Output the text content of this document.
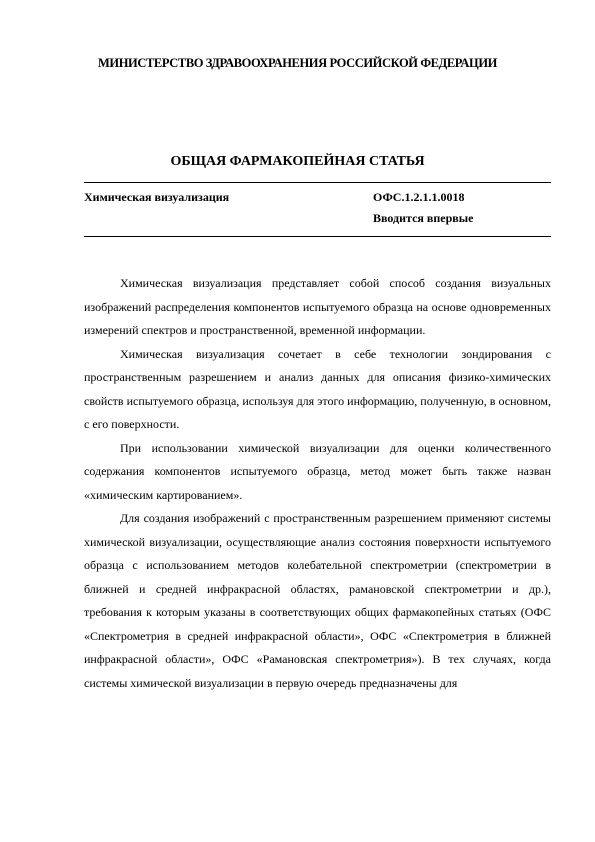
МИНИСТЕРСТВО ЗДРАВООХРАНЕНИЯ РОССИЙСКОЙ ФЕДЕРАЦИИ
ОБЩАЯ ФАРМАКОПЕЙНАЯ СТАТЬЯ
Химическая визуализация	ОФС.1.2.1.1.0018
Вводится впервые

Химическая визуализация представляет собой способ создания визуальных изображений распределения компонентов испытуемого образца на основе одновременных измерений спектров и пространственной, временной информации.

Химическая визуализация сочетает в себе технологии зондирования с пространственным разрешением и анализ данных для описания физико-химических свойств испытуемого образца, используя для этого информацию, полученную, в основном, с его поверхности.

При использовании химической визуализации для оценки количественного содержания компонентов испытуемого образца, метод может быть также назван «химическим картированием».

Для создания изображений с пространственным разрешением применяют системы химической визуализации, осуществляющие анализ состояния поверхности испытуемого образца с использованием методов колебательной спектрометрии (спектрометрии в ближней и средней инфракрасной областях, рамановской спектрометрии и др.), требования к которым указаны в соответствующих общих фармакопейных статьях (ОФС «Спектрометрия в средней инфракрасной области», ОФС «Спектрометрия в ближней инфракрасной области», ОФС «Рамановская спектрометрия»). В тех случаях, когда системы химической визуализации в первую очередь предназначены для
